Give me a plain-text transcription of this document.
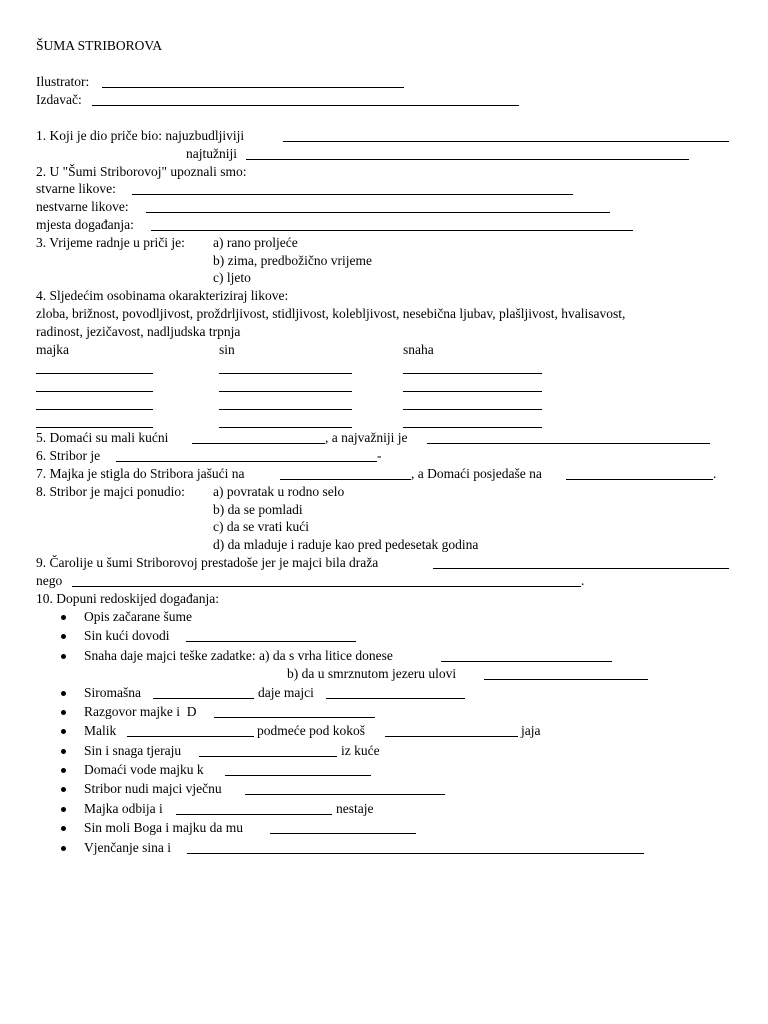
ŠUMA STRIBOROVA
Ilustrator:
Izdavač:
1. Koji je dio priče bio: najuzbudljiviji
najtužniji
2. U "Šumi Striborovoj" upoznali smo:
stvarne likove:
nestvarne likove:
mjesta događanja:
3. Vrijeme radnje u priči je: a) rano proljeće
b) zima, predbožično vrijeme
c) ljeto
4. Sljedećim osobinama okarakteriziraj likove:
zloba, brižnost, povodljivost, proždrljivost, stidljivost, kolebljivost, nesebična ljubav, plašljivost, hvalisavost,
radinost, jezičavost, nadljudska trpnja
majka	sin	snaha
5. Domaći su mali kućni	, a najvažniji je
6. Stribor je	-
7. Majka je stigla do Stribora jašući na	, a Domaći posjedaše na	.
8. Stribor je majci ponudio: a) povratak u rodno selo
b) da se pomladi
c) da se vrati kući
d) da mladuje i raduje kao pred pedesetak godina
9. Čarolije u šumi Striborovoj prestadoše jer je majci bila draža
nego	.
10. Dopuni redoskijed događanja:
Opis začarane šume
Sin kući dovodi
Snaha daje majci teške zadatke: a) da s vrha litice donese
b) da u smrznutom jezeru ulovi
Siromašna	daje majci
Razgovor majke i  D
Malik	podmeće pod kokoš	jaja
Sin i snaga tjeraju	iz kuće
Domaći vode majku k
Stribor nudi majci vječnu
Majka odbija i	nestaje
Sin moli Boga i majku da mu
Vjenčanje sina i
